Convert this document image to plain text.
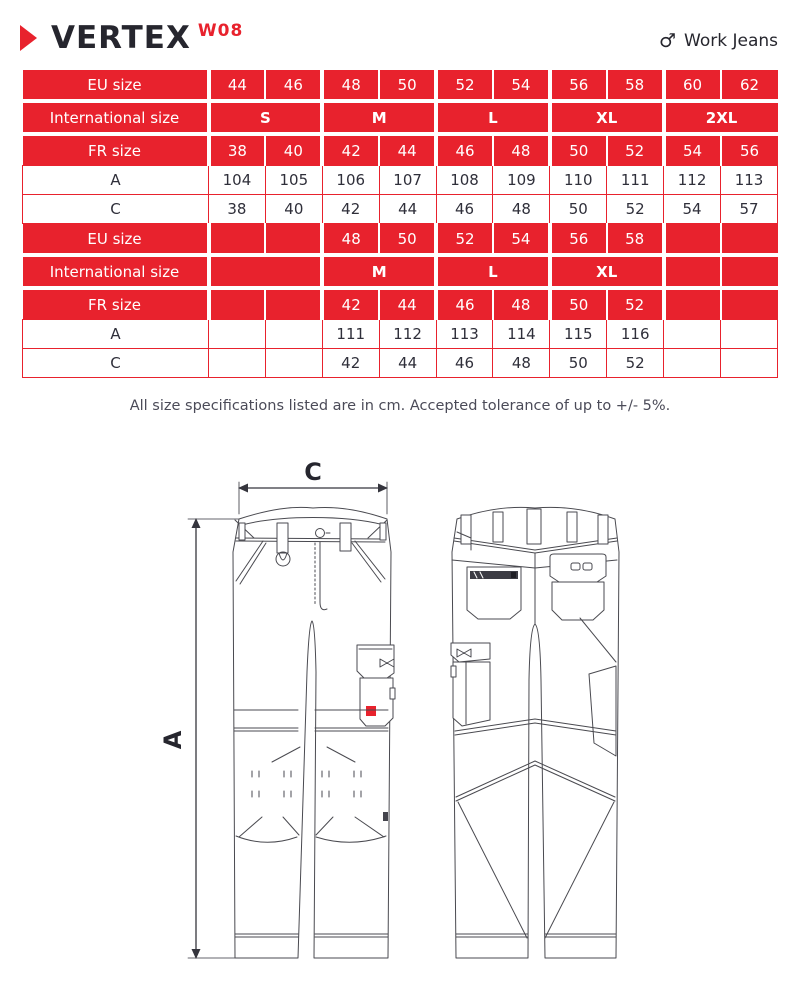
VERTEX W08	♂ Work Jeans
EU size	44	46	48	50	52	54	56	58	60	62
International size	S		M		L		XL		2XL	
FR size	38	40	42	44	46	48	50	52	54	56
A	104	105	106	107	108	109	110	111	112	113
C	38	40	42	44	46	48	50	52	54	57
EU size			48	50	52	54	56	58		
International size			M		L		XL			
FR size			42	44	46	48	50	52		
A			111	112	113	114	115	116		
C			42	44	46	48	50	52		
All size specifications listed are in cm. Accepted tolerance of up to +/- 5%.
C
A
